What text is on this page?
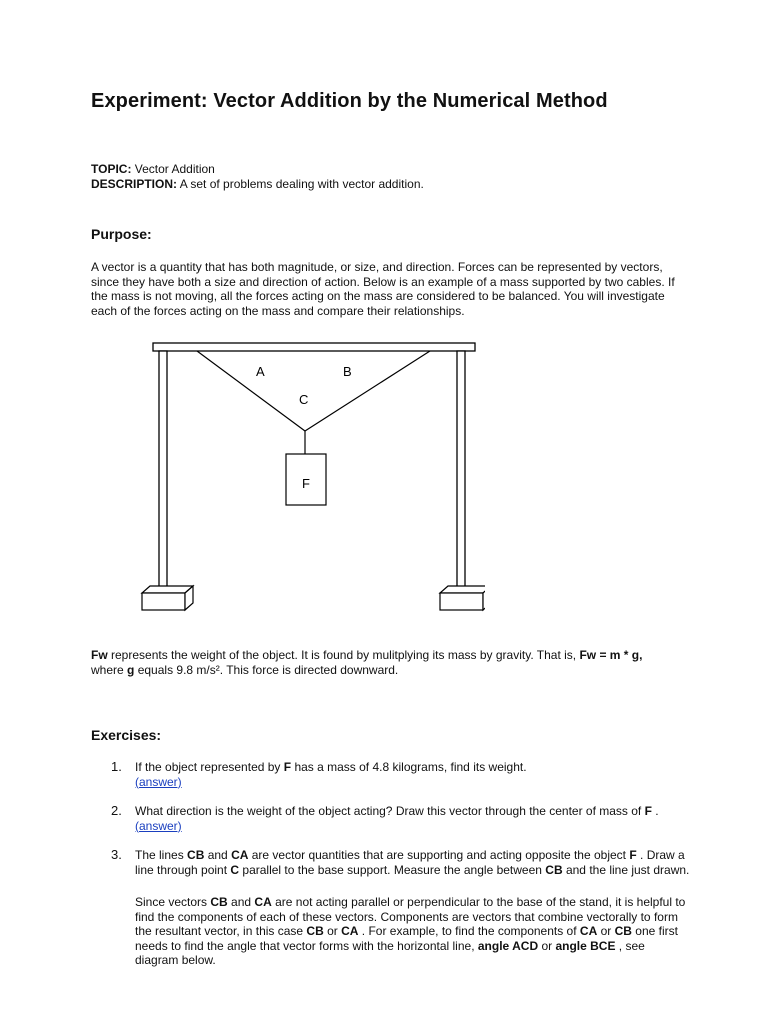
Experiment: Vector Addition by the Numerical Method
TOPIC: Vector Addition
DESCRIPTION: A set of problems dealing with vector addition.
Purpose:

A vector is a quantity that has both magnitude, or size, and direction. Forces can be represented by vectors, since they have both a size and direction of action. Below is an example of a mass supported by two cables. If the mass is not moving, all the forces acting on the mass are considered to be balanced. You will investigate each of the forces acting on the mass and compare their relationships.

A	B
C
F

Fw represents the weight of the object. It is found by mulitplying its mass by gravity. That is, Fw = m * g, where g equals 9.8 m/s². This force is directed downward.

Exercises:
1. If the object represented by F has a mass of 4.8 kilograms, find its weight.
(answer)
2. What direction is the weight of the object acting? Draw this vector through the center of mass of F .
(answer)
3. The lines CB and CA are vector quantities that are supporting and acting opposite the object F . Draw a line through point C parallel to the base support. Measure the angle between CB and the line just drawn.
Since vectors CB and CA are not acting parallel or perpendicular to the base of the stand, it is helpful to find the components of each of these vectors. Components are vectors that combine vectorally to form the resultant vector, in this case CB or CA . For example, to find the components of CA or CB one first needs to find the angle that vector forms with the horizontal line, angle ACD or angle BCE , see diagram below.
